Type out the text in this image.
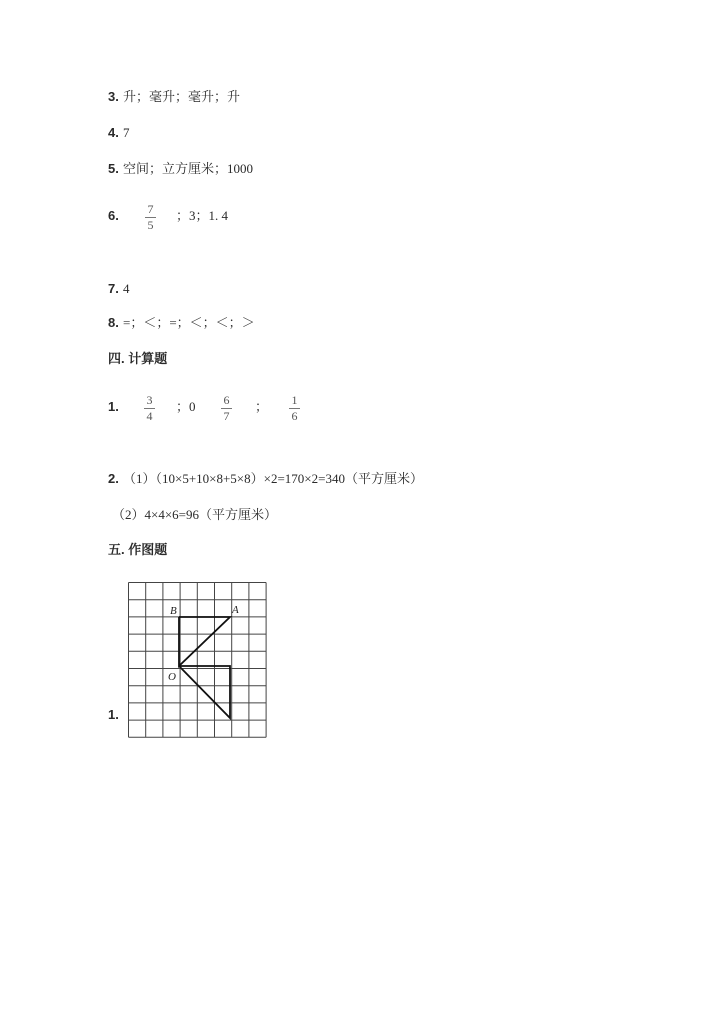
3. 升；毫升；毫升；升
4. 7
5. 空间；立方厘米；1000
6. 7
5
；3；1. 4
7. 4
8. =；＜；=；＜；＜；＞
四. 计算题
1. 3
4
；0 6
7
； 1
6
2. （1）（10×5+10×8+5×8）×2=170×2=340（平方厘米）
（2）4×4×6=96（平方厘米）
五. 作图题
B	A
O
1.
